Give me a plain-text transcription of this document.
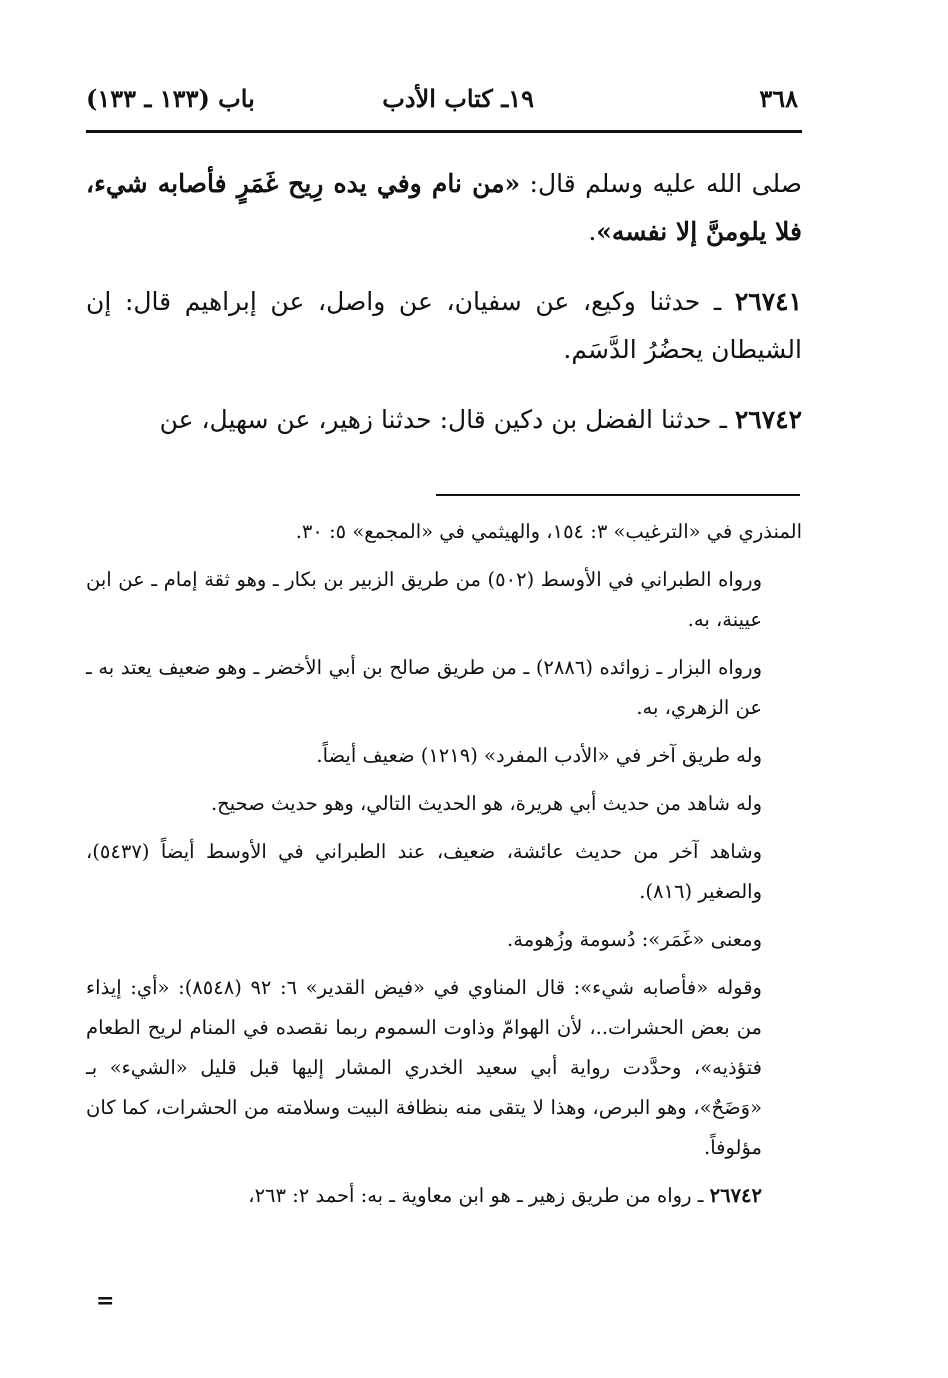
٣٦٨
١٩ـ كتاب الأدب
باب (١٣٣ ـ ١٣٣)

صلى الله عليه وسلم قال: «من نام وفي يده رِيح غَمَرٍ فأصابه شيء، فلا يلومنَّ إلا نفسه».

٢٦٧٤١ ـ حدثنا وكيع، عن سفيان، عن واصل، عن إبراهيم قال: إن الشيطان يحضُرُ الدَّسَم.

٢٦٧٤٢ ـ حدثنا الفضل بن دكين قال: حدثنا زهير، عن سهيل، عن

المنذري في «الترغيب» ٣: ١٥٤، والهيثمي في «المجمع» ٥: ٣٠.

ورواه الطبراني في الأوسط (٥٠٢) من طريق الزبير بن بكار ـ وهو ثقة إمام ـ عن ابن عيينة، به.

ورواه البزار ـ زوائده (٢٨٨٦) ـ من طريق صالح بن أبي الأخضر ـ وهو ضعيف يعتد به ـ عن الزهري، به.

وله طريق آخر في «الأدب المفرد» (١٢١٩) ضعيف أيضاً.

وله شاهد من حديث أبي هريرة، هو الحديث التالي، وهو حديث صحيح.

وشاهد آخر من حديث عائشة، ضعيف، عند الطبراني في الأوسط أيضاً (٥٤٣٧)، والصغير (٨١٦).

ومعنى «غَمَر»: دُسومة وزُهومة.

وقوله «فأصابه شيء»: قال المناوي في «فيض القدير» ٦: ٩٢ (٨٥٤٨): «أي: إيذاء من بعض الحشرات..، لأن الهوامّ وذاوت السموم ربما نقصده في المنام لريح الطعام فتؤذيه»، وحدَّدت رواية أبي سعيد الخدري المشار إليها قبل قليل «الشيء» بـ «وَضَحٌ»، وهو البرص، وهذا لا يتقى منه بنظافة البيت وسلامته من الحشرات، كما كان مؤلوفاً.

٢٦٧٤٢ ـ رواه من طريق زهير ـ هو ابن معاوية ـ به: أحمد ٢: ٢٦٣،

=
